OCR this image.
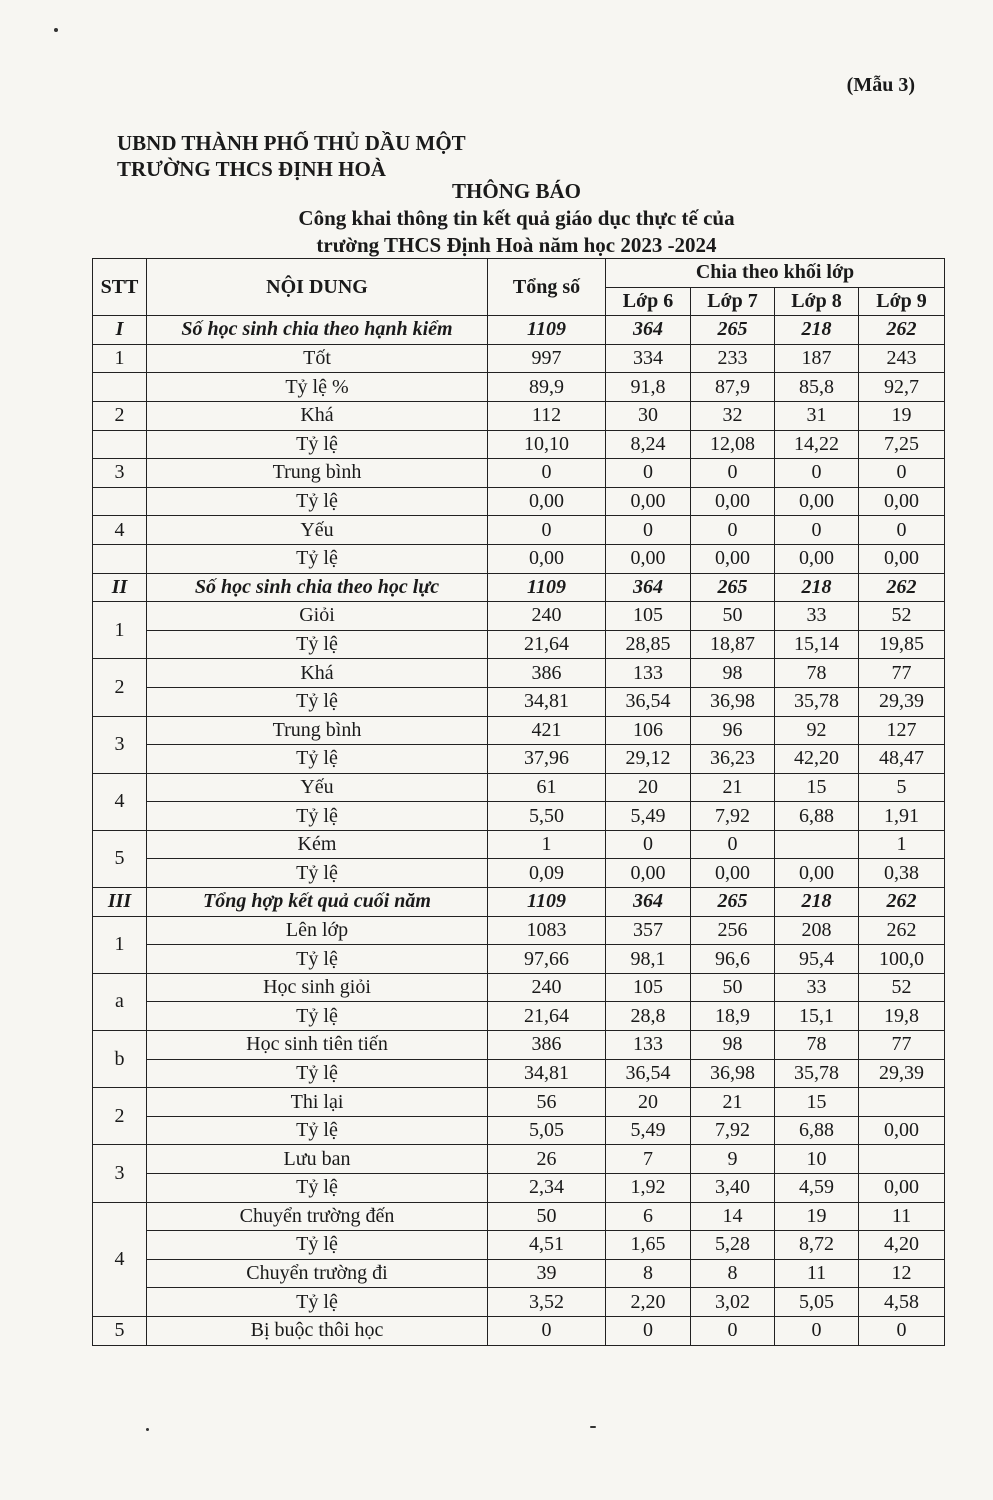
(Mẫu 3)
UBND THÀNH PHỐ THỦ DẦU MỘT
TRƯỜNG THCS ĐỊNH HOÀ
THÔNG BÁO
Công khai thông tin kết quả giáo dục thực tế của
trường THCS Định Hoà năm học 2023 -2024
STT	NỘI DUNG	Tổng số	Chia theo khối lớp			
			Lớp 6	Lớp 7	Lớp 8	Lớp 9
I	Số học sinh chia theo hạnh kiểm	1109	364	265	218	262
1	Tốt	997	334	233	187	243
	Tỷ lệ %	89,9	91,8	87,9	85,8	92,7
2	Khá	112	30	32	31	19
	Tỷ lệ	10,10	8,24	12,08	14,22	7,25
3	Trung bình	0	0	0	0	0
	Tỷ lệ	0,00	0,00	0,00	0,00	0,00
4	Yếu	0	0	0	0	0
	Tỷ lệ	0,00	0,00	0,00	0,00	0,00
II	Số học sinh chia theo học lực	1109	364	265	218	262
1	Giỏi	240	105	50	33	52
	Tỷ lệ	21,64	28,85	18,87	15,14	19,85
2	Khá	386	133	98	78	77
	Tỷ lệ	34,81	36,54	36,98	35,78	29,39
3	Trung bình	421	106	96	92	127
	Tỷ lệ	37,96	29,12	36,23	42,20	48,47
4	Yếu	61	20	21	15	5
	Tỷ lệ	5,50	5,49	7,92	6,88	1,91
5	Kém	1	0	0		1
	Tỷ lệ	0,09	0,00	0,00	0,00	0,38
III	Tổng hợp kết quả cuối năm	1109	364	265	218	262
1	Lên lớp	1083	357	256	208	262
	Tỷ lệ	97,66	98,1	96,6	95,4	100,0
a	Học sinh giỏi	240	105	50	33	52
	Tỷ lệ	21,64	28,8	18,9	15,1	19,8
b	Học sinh tiên tiến	386	133	98	78	77
	Tỷ lệ	34,81	36,54	36,98	35,78	29,39
2	Thi lại	56	20	21	15	
	Tỷ lệ	5,05	5,49	7,92	6,88	0,00
3	Lưu ban	26	7	9	10	
	Tỷ lệ	2,34	1,92	3,40	4,59	0,00
4	Chuyển trường đến	50	6	14	19	11
	Tỷ lệ	4,51	1,65	5,28	8,72	4,20
	Chuyển trường đi	39	8	8	11	12
	Tỷ lệ	3,52	2,20	3,02	5,05	4,58
5	Bị buộc thôi học	0	0	0	0	0
